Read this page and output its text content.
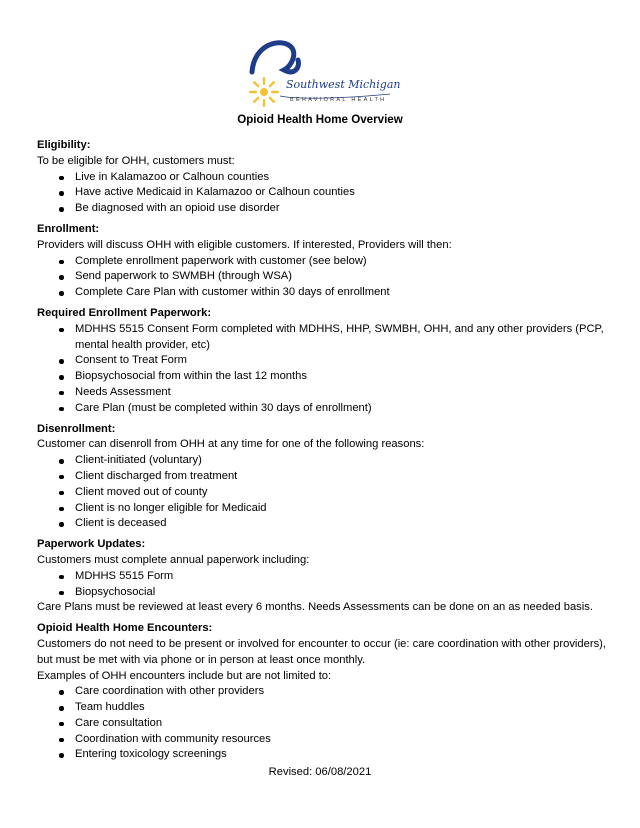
Southwest Michigan
BEHAVIORAL HEALTH
Opioid Health Home Overview
Eligibility:
To be eligible for OHH, customers must:
Live in Kalamazoo or Calhoun counties
Have active Medicaid in Kalamazoo or Calhoun counties
Be diagnosed with an opioid use disorder
Enrollment:
Providers will discuss OHH with eligible customers. If interested, Providers will then:
Complete enrollment paperwork with customer (see below)
Send paperwork to SWMBH (through WSA)
Complete Care Plan with customer within 30 days of enrollment
Required Enrollment Paperwork:
MDHHS 5515 Consent Form completed with MDHHS, HHP, SWMBH, OHH, and any other providers (PCP, mental health provider, etc)
Consent to Treat Form
Biopsychosocial from within the last 12 months
Needs Assessment
Care Plan (must be completed within 30 days of enrollment)
Disenrollment:
Customer can disenroll from OHH at any time for one of the following reasons:
Client-initiated (voluntary)
Client discharged from treatment
Client moved out of county
Client is no longer eligible for Medicaid
Client is deceased
Paperwork Updates:
Customers must complete annual paperwork including:
MDHHS 5515 Form
Biopsychosocial
Care Plans must be reviewed at least every 6 months. Needs Assessments can be done on an as needed basis.
Opioid Health Home Encounters:
Customers do not need to be present or involved for encounter to occur (ie: care coordination with other providers), but must be met with via phone or in person at least once monthly.
Examples of OHH encounters include but are not limited to:
Care coordination with other providers
Team huddles
Care consultation
Coordination with community resources
Entering toxicology screenings
Revised: 06/08/2021
